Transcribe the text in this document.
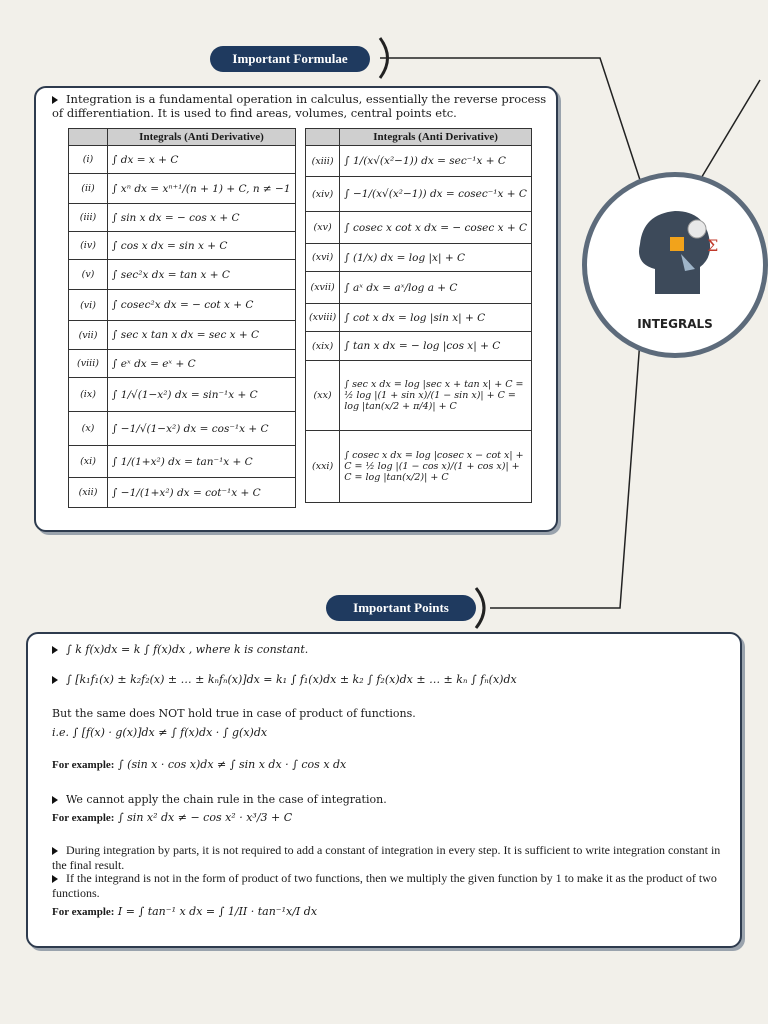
Important Formulae
Integration is a fundamental operation in calculus, essentially the reverse process of differentiation. It is used to find areas, volumes, central points etc.
	Integrals (Anti Derivative)
(i)	∫ dx = x + C
(ii)	∫ xⁿ dx = xⁿ⁺¹/(n + 1) + C, n ≠ −1
(iii)	∫ sin x dx = − cos x + C
(iv)	∫ cos x dx = sin x + C
(v)	∫ sec²x dx = tan x + C
(vi)	∫ cosec²x dx = − cot x + C
(vii)	∫ sec x tan x dx = sec x + C
(viii)	∫ eˣ dx = eˣ + C
(ix)	∫ 1/√(1−x²) dx = sin⁻¹x + C
(x)	∫ −1/√(1−x²) dx = cos⁻¹x + C
(xi)	∫ 1/(1+x²) dx = tan⁻¹x + C
(xii)	∫ −1/(1+x²) dx = cot⁻¹x + C
	Integrals (Anti Derivative)
(xiii)	∫ 1/(x√(x²−1)) dx = sec⁻¹x + C
(xiv)	∫ −1/(x√(x²−1)) dx = cosec⁻¹x + C
(xv)	∫ cosec x cot x dx = − cosec x + C
(xvi)	∫ (1/x) dx = log |x| + C
(xvii)	∫ aˣ dx = aˣ/log a + C
(xviii)	∫ cot x dx = log |sin x| + C
(xix)	∫ tan x dx = − log |cos x| + C
(xx)	∫ sec x dx = log |sec x + tan x| + C = ½ log |(1 + sin x)/(1 − sin x)| + C = log |tan(x/2 + π/4)| + C
(xxi)	∫ cosec x dx = log |cosec x − cot x| + C = ½ log |(1 − cos x)/(1 + cos x)| + C = log |tan(x/2)| + C
Σ
INTEGRALS
Important Points
∫ k f(x)dx = k ∫ f(x)dx , where k is constant.
∫ [k₁f₁(x) ± k₂f₂(x) ± … ± kₙfₙ(x)]dx = k₁ ∫ f₁(x)dx ± k₂ ∫ f₂(x)dx ± … ± kₙ ∫ fₙ(x)dx
But the same does NOT hold true in case of product of functions.
i.e. ∫ [f(x) · g(x)]dx ≠ ∫ f(x)dx · ∫ g(x)dx
For example: ∫ (sin x · cos x)dx ≠ ∫ sin x dx · ∫ cos x dx
We cannot apply the chain rule in the case of integration.
For example: ∫ sin x² dx ≠ − cos x² · x³/3 + C
During integration by parts, it is not required to add a constant of integration in every step. It is sufficient to write integration constant in the final result.
If the integrand is not in the form of product of two functions, then we multiply the given function by 1 to make it as the product of two functions.
For example: I = ∫ tan⁻¹ x dx = ∫ 1/II · tan⁻¹x/I dx
